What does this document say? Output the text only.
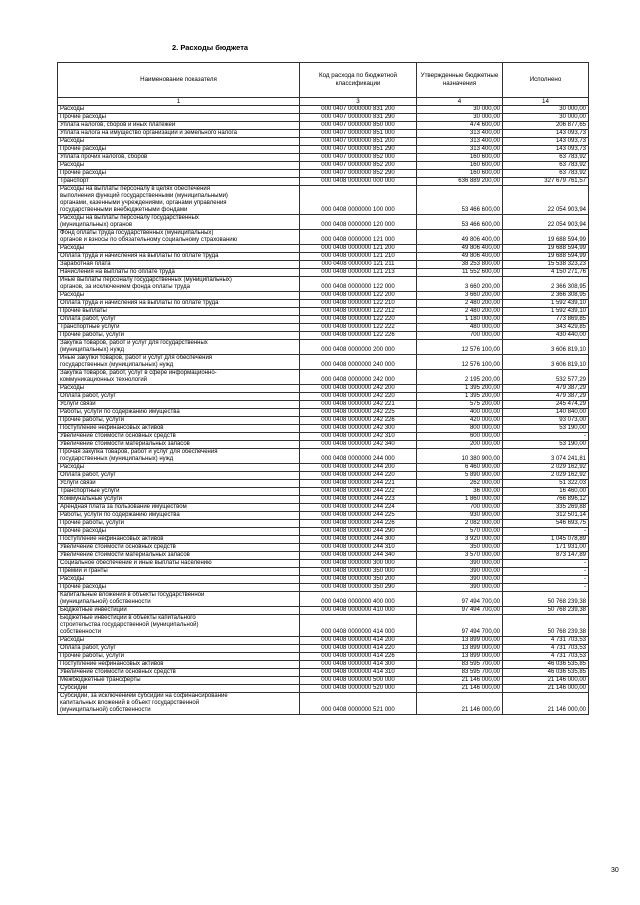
2. Расходы бюджета
Наименование показателя	Код расхода по бюджетной классификации	Утвержденные бюджетные назначения	Исполнено
1	3	4	14
Расходы	000 0407 0000000 831 200	30 000,00	30 000,00
Прочие расходы	000 0407 0000000 831 290	30 000,00	30 000,00
Уплата налогов, сборов и иных платежей	000 0407 0000000 850 000	474 600,00	206 877,65
Уплата налога на имущество организаций и земельного налога	000 0407 0000000 851 000	313 400,00	143 093,73
Расходы	000 0407 0000000 851 200	313 400,00	143 093,73
Прочие расходы	000 0407 0000000 851 290	313 400,00	143 093,73
Уплата прочих налогов, сборов	000 0407 0000000 852 000	160 600,00	63 783,92
Расходы	000 0407 0000000 852 200	160 600,00	63 783,92
Прочие расходы	000 0407 0000000 852 290	160 600,00	63 783,92
Транспорт	000 0408 0000000 000 000	636 889 200,00	327 679 761,57
Расходы на выплаты персоналу в целях обеспечения
выполнения функций государственными (муниципальными)
органами, казенными учреждениями, органами управления
государственными внебюджетными фондами	000 0408 0000000 100 000	53 466 600,00	22 054 903,94
Расходы на выплаты персоналу государственных
(муниципальных) органов	000 0408 0000000 120 000	53 466 600,00	22 054 903,94
Фонд оплаты труда государственных (муниципальных)
органов и взносы по обязательному социальному страхованию	000 0408 0000000 121 000	49 806 400,00	19 688 594,99
Расходы	000 0408 0000000 121 200	49 806 400,00	19 688 594,99
Оплата труда и начисления на выплаты по оплате труда	000 0408 0000000 121 210	49 806 400,00	19 688 594,99
Заработная плата	000 0408 0000000 121 211	38 253 800,00	15 538 323,23
Начисления на выплаты по оплате труда	000 0408 0000000 121 213	11 552 600,00	4 150 271,76
Иные выплаты персоналу государственных (муниципальных)
органов, за исключением фонда оплаты труда	000 0408 0000000 122 000	3 660 200,00	2 366 308,95
Расходы	000 0408 0000000 122 200	3 660 200,00	2 366 308,95
Оплата труда и начисления на выплаты по оплате труда	000 0408 0000000 122 210	2 480 200,00	1 592 439,10
Прочие выплаты	000 0408 0000000 122 212	2 480 200,00	1 592 439,10
Оплата работ, услуг	000 0408 0000000 122 220	1 180 000,00	773 869,85
Транспортные услуги	000 0408 0000000 122 222	480 000,00	343 429,85
Прочие работы, услуги	000 0408 0000000 122 226	700 000,00	430 440,00
Закупка товаров, работ и услуг для государственных
(муниципальных) нужд	000 0408 0000000 200 000	12 576 100,00	3 606 819,10
Иные закупки товаров, работ и услуг для обеспечения
государственных (муниципальных) нужд	000 0408 0000000 240 000	12 576 100,00	3 606 819,10
Закупка товаров, работ, услуг в сфере информационно-
коммуникационных технологий	000 0408 0000000 242 000	2 195 200,00	532 577,29
Расходы	000 0408 0000000 242 200	1 395 200,00	479 387,29
Оплата работ, услуг	000 0408 0000000 242 220	1 395 200,00	479 387,29
Услуги связи	000 0408 0000000 242 221	575 200,00	245 474,29
Работы, услуги по содержанию имущества	000 0408 0000000 242 225	400 000,00	140 840,00
Прочие работы, услуги	000 0408 0000000 242 226	420 000,00	93 073,00
Поступление нефинансовых активов	000 0408 0000000 242 300	800 000,00	53 190,00
Увеличение стоимости основных средств	000 0408 0000000 242 310	600 000,00	-
Увеличение стоимости материальных запасов	000 0408 0000000 242 340	200 000,00	53 190,00
Прочая закупка товаров, работ и услуг для обеспечения
государственных (муниципальных) нужд	000 0408 0000000 244 000	10 380 900,00	3 074 241,81
Расходы	000 0408 0000000 244 200	6 460 900,00	2 029 162,92
Оплата работ, услуг	000 0408 0000000 244 220	5 890 900,00	2 029 162,92
Услуги связи	000 0408 0000000 244 221	262 000,00	51 322,03
Транспортные услуги	000 0408 0000000 244 222	36 000,00	16 460,00
Коммунальные услуги	000 0408 0000000 244 223	1 860 000,00	766 896,12
Арендная плата за пользование имуществом	000 0408 0000000 244 224	700 000,00	335 269,88
Работы, услуги по содержанию имущества	000 0408 0000000 244 225	930 900,00	312 501,14
Прочие работы, услуги	000 0408 0000000 244 226	2 082 000,00	546 693,75
Прочие расходы	000 0408 0000000 244 290	570 000,00	-
Поступление нефинансовых активов	000 0408 0000000 244 300	3 920 000,00	1 045 078,89
Увеличение стоимости основных средств	000 0408 0000000 244 310	350 000,00	171 931,00
Увеличение стоимости материальных запасов	000 0408 0000000 244 340	3 570 000,00	873 147,89
Социальное обеспечение и иные выплаты населению	000 0408 0000000 300 000	390 000,00	-
Премии и гранты	000 0408 0000000 350 000	390 000,00	-
Расходы	000 0408 0000000 350 200	390 000,00	-
Прочие расходы	000 0408 0000000 350 290	390 000,00	-
Капитальные вложения в объекты государственной
(муниципальной) собственности	000 0408 0000000 400 000	97 494 700,00	50 768 239,38
Бюджетные инвестиции	000 0408 0000000 410 000	97 494 700,00	50 768 239,38
Бюджетные инвестиции в объекты капитального
строительства государственной (муниципальной)
собственности	000 0408 0000000 414 000	97 494 700,00	50 768 239,38
Расходы	000 0408 0000000 414 200	13 899 000,00	4 731 703,53
Оплата работ, услуг	000 0408 0000000 414 220	13 899 000,00	4 731 703,53
Прочие работы, услуги	000 0408 0000000 414 226	13 899 000,00	4 731 703,53
Поступление нефинансовых активов	000 0408 0000000 414 300	83 595 700,00	46 036 535,85
Увеличение стоимости основных средств	000 0408 0000000 414 310	83 595 700,00	46 036 535,85
Межбюджетные трансферты	000 0408 0000000 500 000	21 146 000,00	21 146 000,00
Субсидии	000 0408 0000000 520 000	21 146 000,00	21 146 000,00
Субсидии, за исключением субсидий на софинансирование
капитальных вложений в объект государственной
(муниципальной) собственности	000 0408 0000000 521 000	21 146 000,00	21 146 000,00
30
